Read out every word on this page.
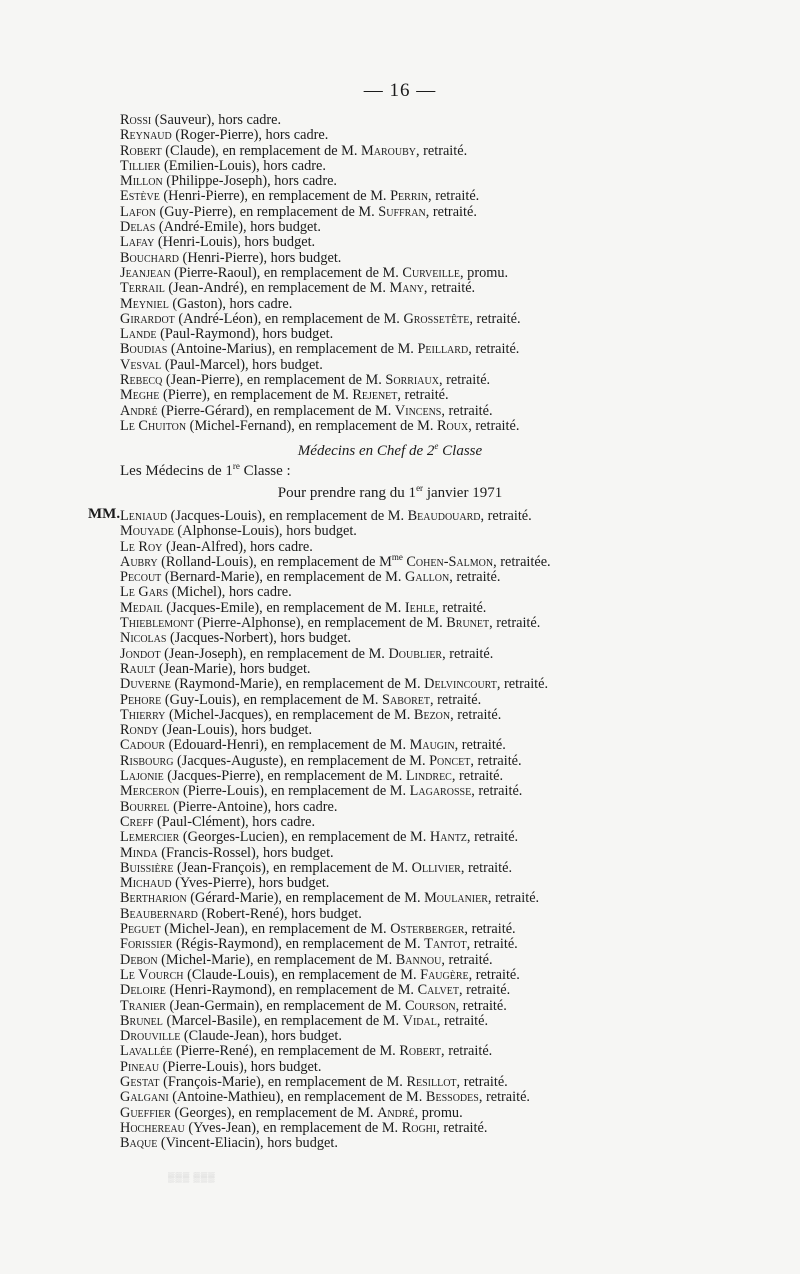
— 16 —
Rossi (Sauveur), hors cadre.
Reynaud (Roger-Pierre), hors cadre.
Robert (Claude), en remplacement de M. Marouby, retraité.
Tillier (Emilien-Louis), hors cadre.
Millon (Philippe-Joseph), hors cadre.
Estève (Henri-Pierre), en remplacement de M. Perrin, retraité.
Lafon (Guy-Pierre), en remplacement de M. Suffran, retraité.
Delas (André-Emile), hors budget.
Lafay (Henri-Louis), hors budget.
Bouchard (Henri-Pierre), hors budget.
Jeanjean (Pierre-Raoul), en remplacement de M. Curveille, promu.
Terrail (Jean-André), en remplacement de M. Many, retraité.
Meyniel (Gaston), hors cadre.
Girardot (André-Léon), en remplacement de M. Grossetête, retraité.
Lande (Paul-Raymond), hors budget.
Boudias (Antoine-Marius), en remplacement de M. Peillard, retraité.
Vesval (Paul-Marcel), hors budget.
Rebecq (Jean-Pierre), en remplacement de M. Sorriaux, retraité.
Meghe (Pierre), en remplacement de M. Rejenet, retraité.
André (Pierre-Gérard), en remplacement de M. Vincens, retraité.
Le Chuiton (Michel-Fernand), en remplacement de M. Roux, retraité.
Médecins en Chef de 2e Classe
Les Médecins de 1re Classe :
Pour prendre rang du 1er janvier 1971
MM. Leniaud (Jacques-Louis), en remplacement de M. Beaudouard, retraité.
Mouyade (Alphonse-Louis), hors budget.
Le Roy (Jean-Alfred), hors cadre.
Aubry (Rolland-Louis), en remplacement de $M^{me}$ Cohen-Salmon, retraitée.
Pecout (Bernard-Marie), en remplacement de M. Gallon, retraité.
Le Gars (Michel), hors cadre.
Medail (Jacques-Emile), en remplacement de M. Iehle, retraité.
Thieblemont (Pierre-Alphonse), en remplacement de M. Brunet, retraité.
Nicolas (Jacques-Norbert), hors budget.
Jondot (Jean-Joseph), en remplacement de M. Doublier, retraité.
Rault (Jean-Marie), hors budget.
Duverne (Raymond-Marie), en remplacement de M. Delvincourt, retraité.
Pehore (Guy-Louis), en remplacement de M. Saboret, retraité.
Thierry (Michel-Jacques), en remplacement de M. Bezon, retraité.
Rondy (Jean-Louis), hors budget.
Cadour (Edouard-Henri), en remplacement de M. Maugin, retraité.
Risbourg (Jacques-Auguste), en remplacement de M. Poncet, retraité.
Lajonie (Jacques-Pierre), en remplacement de M. Lindrec, retraité.
Merceron (Pierre-Louis), en remplacement de M. Lagarosse, retraité.
Bourrel (Pierre-Antoine), hors cadre.
Creff (Paul-Clément), hors cadre.
Lemercier (Georges-Lucien), en remplacement de M. Hantz, retraité.
Minda (Francis-Rossel), hors budget.
Buissière (Jean-François), en remplacement de M. Ollivier, retraité.
Michaud (Yves-Pierre), hors budget.
Bertharion (Gérard-Marie), en remplacement de M. Moulanier, retraité.
Beaubernard (Robert-René), hors budget.
Peguet (Michel-Jean), en remplacement de M. Osterberger, retraité.
Forissier (Régis-Raymond), en remplacement de M. Tantot, retraité.
Debon (Michel-Marie), en remplacement de M. Bannou, retraité.
Le Vourch (Claude-Louis), en remplacement de M. Faugère, retraité.
Deloire (Henri-Raymond), en remplacement de M. Calvet, retraité.
Tranier (Jean-Germain), en remplacement de M. Courson, retraité.
Brunel (Marcel-Basile), en remplacement de M. Vidal, retraité.
Drouville (Claude-Jean), hors budget.
Lavallée (Pierre-René), en remplacement de M. Robert, retraité.
Pineau (Pierre-Louis), hors budget.
Gestat (François-Marie), en remplacement de M. Resillot, retraité.
Galgani (Antoine-Mathieu), en remplacement de M. Bessodes, retraité.
Gueffier (Georges), en remplacement de M. André, promu.
Hochereau (Yves-Jean), en remplacement de M. Roghi, retraité.
Baque (Vincent-Eliacin), hors budget.
▒▒▒ ▒▒▒
